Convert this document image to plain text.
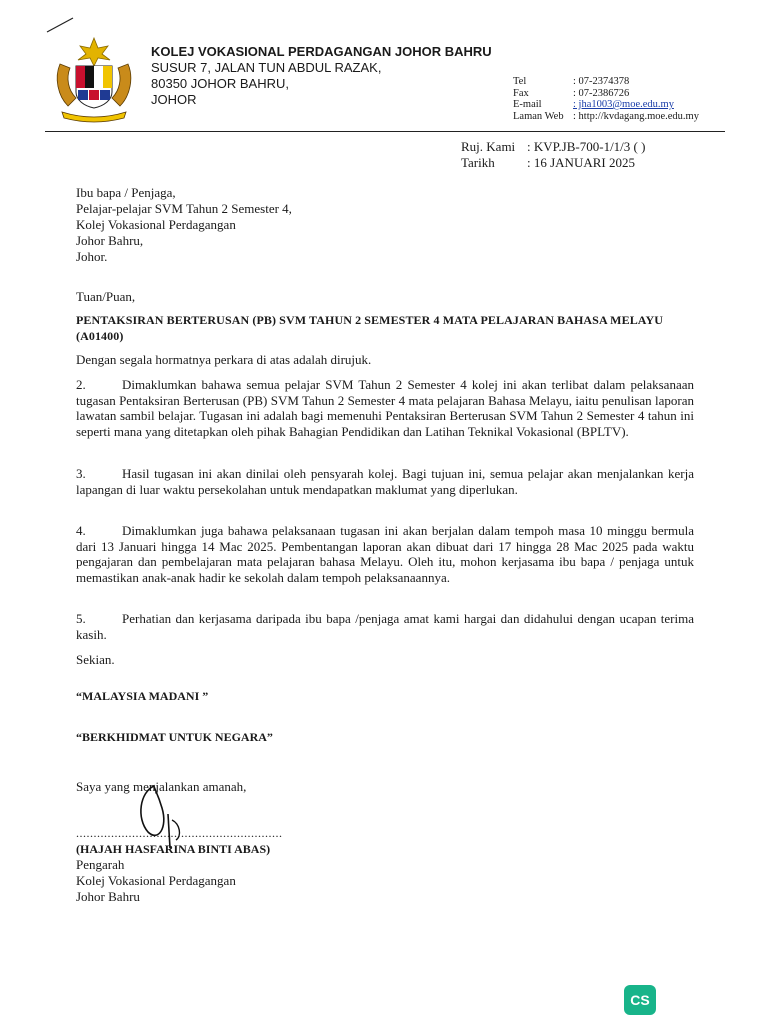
KOLEJ VOKASIONAL PERDAGANGAN JOHOR BAHRU
SUSUR 7, JALAN TUN ABDUL RAZAK,
80350 JOHOR BAHRU,
JOHOR
Tel	: 07-2374378
Fax	: 07-2386726
E-mail	: jha1003@moe.edu.my
Laman Web : http://kvdagang.moe.edu.my
Ruj. Kami : KVP.JB-700-1/1/3 ( )
Tarikh	: 16 JANUARI 2025
Ibu bapa / Penjaga,
Pelajar-pelajar SVM Tahun 2 Semester 4,
Kolej Vokasional Perdagangan
Johor Bahru,
Johor.
Tuan/Puan,
PENTAKSIRAN BERTERUSAN (PB) SVM TAHUN 2 SEMESTER 4 MATA PELAJARAN BAHASA MELAYU (A01400)
Dengan segala hormatnya perkara di atas adalah dirujuk.
2.	Dimaklumkan bahawa semua pelajar SVM Tahun 2 Semester 4 kolej ini akan terlibat dalam pelaksanaan tugasan Pentaksiran Berterusan (PB) SVM Tahun 2 Semester 4 mata pelajaran Bahasa Melayu, iaitu penulisan laporan lawatan sambil belajar. Tugasan ini adalah bagi memenuhi Pentaksiran Berterusan SVM Tahun 2 Semester 4 tahun ini seperti mana yang ditetapkan oleh pihak Bahagian Pendidikan dan Latihan Teknikal Vokasional (BPLTV).
3.	Hasil tugasan ini akan dinilai oleh pensyarah kolej. Bagi tujuan ini, semua pelajar akan menjalankan kerja lapangan di luar waktu persekolahan untuk mendapatkan maklumat yang diperlukan.
4.	Dimaklumkan juga bahawa pelaksanaan tugasan ini akan berjalan dalam tempoh masa 10 minggu bermula dari 13 Januari hingga 14 Mac 2025. Pembentangan laporan akan dibuat dari 17 hingga 28 Mac 2025 pada waktu pengajaran dan pembelajaran mata pelajaran bahasa Melayu. Oleh itu, mohon kerjasama ibu bapa / penjaga untuk memastikan anak-anak hadir ke sekolah dalam tempoh pelaksanaannya.
5.	Perhatian dan kerjasama daripada ibu bapa /penjaga amat kami hargai dan didahului dengan ucapan terima kasih.
Sekian.
“MALAYSIA MADANI ”
“BERKHIDMAT UNTUK NEGARA”
Saya yang menjalankan amanah,
...........................................................
(HAJAH HASFARINA BINTI ABAS)
Pengarah
Kolej Vokasional Perdagangan
Johor Bahru
CS
